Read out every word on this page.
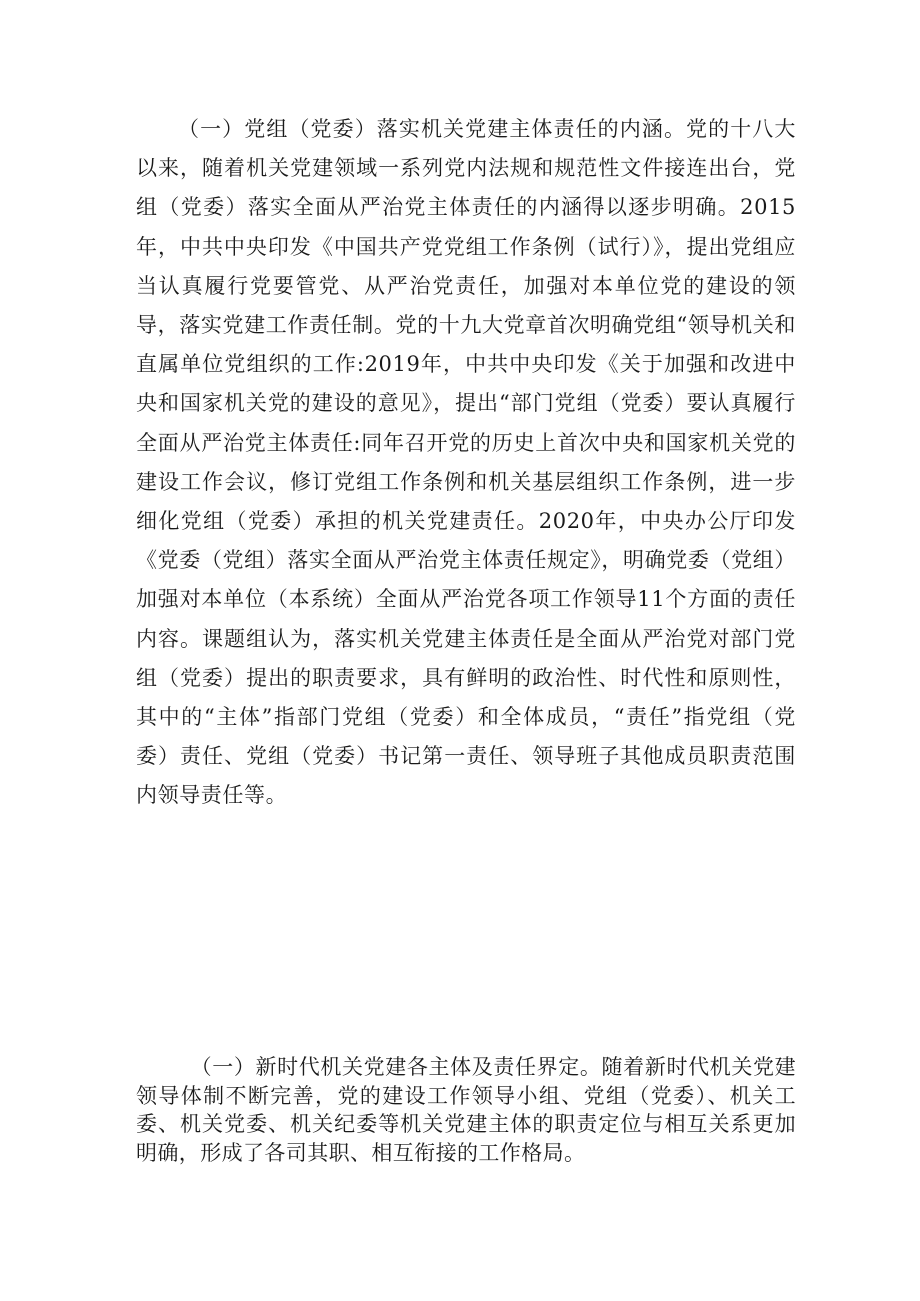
（一）党组（党委）落实机关党建主体责任的内涵。党的十八大以来，随着机关党建领域一系列党内法规和规范性文件接连出台，党组（党委）落实全面从严治党主体责任的内涵得以逐步明确。2015年，中共中央印发《中国共产党党组工作条例（试行）》，提出党组应当认真履行党要管党、从严治党责任，加强对本单位党的建设的领导，落实党建工作责任制。党的十九大党章首次明确党组“领导机关和直属单位党组织的工作:2019年，中共中央印发《关于加强和改进中央和国家机关党的建设的意见》，提出“部门党组（党委）要认真履行全面从严治党主体责任:同年召开党的历史上首次中央和国家机关党的建设工作会议，修订党组工作条例和机关基层组织工作条例，进一步细化党组（党委）承担的机关党建责任。2020年，中央办公厅印发《党委（党组）落实全面从严治党主体责任规定》，明确党委（党组）加强对本单位（本系统）全面从严治党各项工作领导11个方面的责任内容。课题组认为，落实机关党建主体责任是全面从严治党对部门党组（党委）提出的职责要求，具有鲜明的政治性、时代性和原则性，其中的“主体”指部门党组（党委）和全体成员，“责任”指党组（党委）责任、党组（党委）书记第一责任、领导班子其他成员职责范围内领导责任等。

（一）新时代机关党建各主体及责任界定。随着新时代机关党建领导体制不断完善，党的建设工作领导小组、党组（党委）、机关工委、机关党委、机关纪委等机关党建主体的职责定位与相互关系更加明确，形成了各司其职、相互衔接的工作格局。
